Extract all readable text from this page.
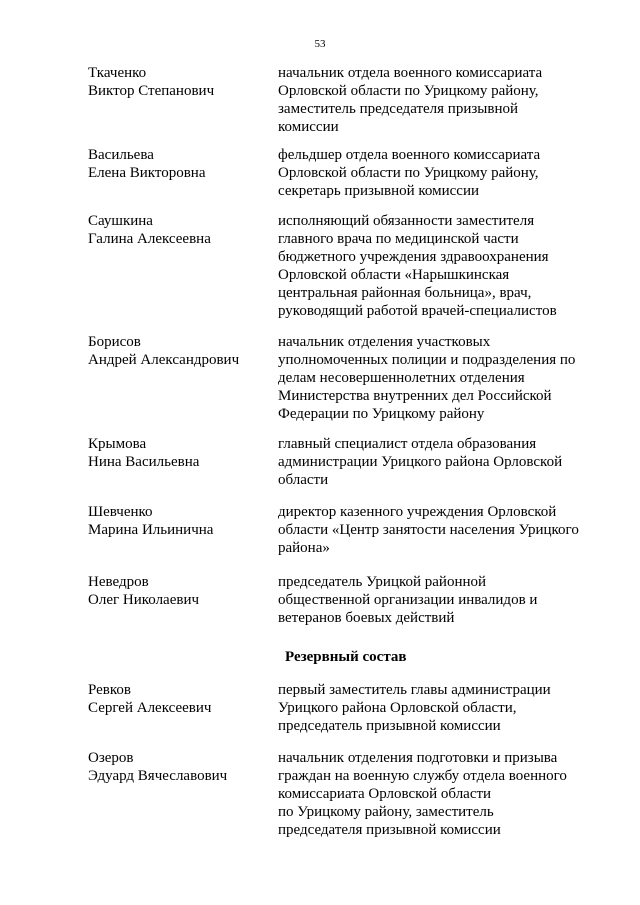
53
Ткаченко
Виктор Степанович
начальник отдела военного комиссариата
Орловской области по Урицкому району,
заместитель председателя призывной
комиссии
Васильева
Елена Викторовна
фельдшер отдела военного комиссариата
Орловской области по Урицкому району,
секретарь призывной комиссии
Саушкина
Галина Алексеевна
исполняющий обязанности заместителя
главного врача по медицинской части
бюджетного учреждения здравоохранения
Орловской области «Нарышкинская
центральная районная больница», врач,
руководящий работой врачей-специалистов
Борисов
Андрей Александрович
начальник отделения участковых
уполномоченных полиции и подразделения по
делам несовершеннолетних отделения
Министерства внутренних дел Российской
Федерации по Урицкому району
Крымова
Нина Васильевна
главный специалист отдела образования
администрации Урицкого района Орловской
области
Шевченко
Марина Ильинична
директор казенного учреждения Орловской
области «Центр занятости населения Урицкого
района»
Неведров
Олег Николаевич
председатель Урицкой районной
общественной организации инвалидов и
ветеранов боевых действий
Резервный состав
Ревков
Сергей Алексеевич
первый заместитель главы администрации
Урицкого района Орловской области,
председатель призывной комиссии
Озеров
Эдуард Вячеславович
начальник отделения подготовки и призыва
граждан на военную службу отдела военного
комиссариата Орловской области
по Урицкому району, заместитель
председателя призывной комиссии
